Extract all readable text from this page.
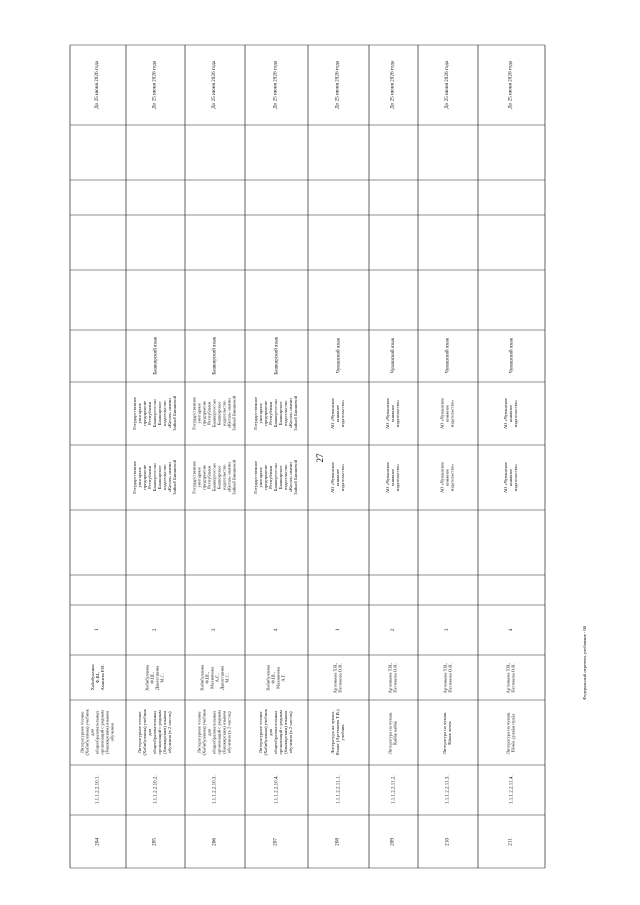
27
Федеральный перечень учебников - 08
До 25 июня 2026 года
1
Хабибуллина
Ф.Ш.,
Аминева Р.Н.
Литературное чтение
(Хабибуллина) учебник
для
общеобразовательных
организаций с родным
(башкирским) языком
обучения
1.1.1.2.2.10.1.
204
До 25 июня 2026 года
Башкирский язык
Государственное
унитарное
предприятие
Республики
Башкортостан
Башкирское
издательство
«Китап» имени
Зайнаб Биишевой
Государственное
унитарное
предприятие
Республики
Башкортостан
Башкирское
издательство
«Китап» имени
Зайнаб Биишевой
2
Хабибуллина
Ф.Ш.,
Давлетшина
М.С.
Литературное чтение
(Хабибуллина) учебник
для
общеобразовательных
организаций с родным
(башкирским) языком
обучения (в 2 частях)
1.1.1.2.2.10.2.
205
До 25 июня 2026 года
Башкирский язык
Государственное
унитарное
предприятие
Республики
Башкортостан
Башкирское
издательство
«Китап» имени
Зайнаб Биишевой
Государственное
унитарное
предприятие
Республики
Башкортостан
Башкирское
издательство
«Китап» имени
Зайнаб Биишевой
3
Хабибуллина
Ф.Ш.,
Махиянова
А.Г.,
Давлетшина
М.С.
Литературное чтение
(Хабибуллина) учебник
для
общеобразовательных
организаций с родным
(башкирским) языком
обучения (в 2 частях)
1.1.1.2.2.10.3.
206
До 25 июня 2026 года
Башкирский язык
Государственное
унитарное
предприятие
Республики
Башкортостан
Башкирское
издательство
«Китап» имени
Зайнаб Биишевой
Государственное
унитарное
предприятие
Республики
Башкортостан
Башкирское
издательство
«Китап» имени
Зайнаб Биишевой
4
Хабибуллина
Ф.Ш.,
Махиянова
А.Г.
Литературное чтение
(Хабибуллина) учебник
для
общеобразовательных
организаций с родным
(башкирским) языком
обучения (в 2 частях)
1.1.1.2.2.10.4.
207
До 25 июня 2026 года
Чувашский язык
АО «Чувашское
книжное
издательство»
АО «Чувашское
книжное
издательство»
1
Артемьева Т.В.,
Петюкова О.Н.
Литература на чуваш.
Языке (Артемьева Т.В.)
учебник
1.1.1.2.2.11.1.
208
До 25 июня 2026 года
Чувашский язык
АО «Чувашское
книжное
издательство»
АО «Чувашское
книжное
издательство»
2
Артемьева Т.В.,
Петюкова О.Н.
Литература на чуваш.
Кайăк кайăк
1.1.1.2.2.11.2.
209
До 25 июня 2026 года
Чувашский язык
АО «Чувашское
книжное
издательство»
АО «Чувашское
книжное
издательство»
3
Артемьева Т.В.,
Петюкова О.Н.
Литература на чуваш.
Кăвак чечек
1.1.1.2.2.11.3.
210
До 25 июня 2026 года
Чувашский язык
АО «Чувашское
книжное
издательство»
АО «Чувашское
книжное
издательство»
4
Артемьева Т.В.,
Петюкова О.Н.
Литература на чуваш.
Пĕчĕк çуллăм пулăх
1.1.1.2.2.11.4.
211
